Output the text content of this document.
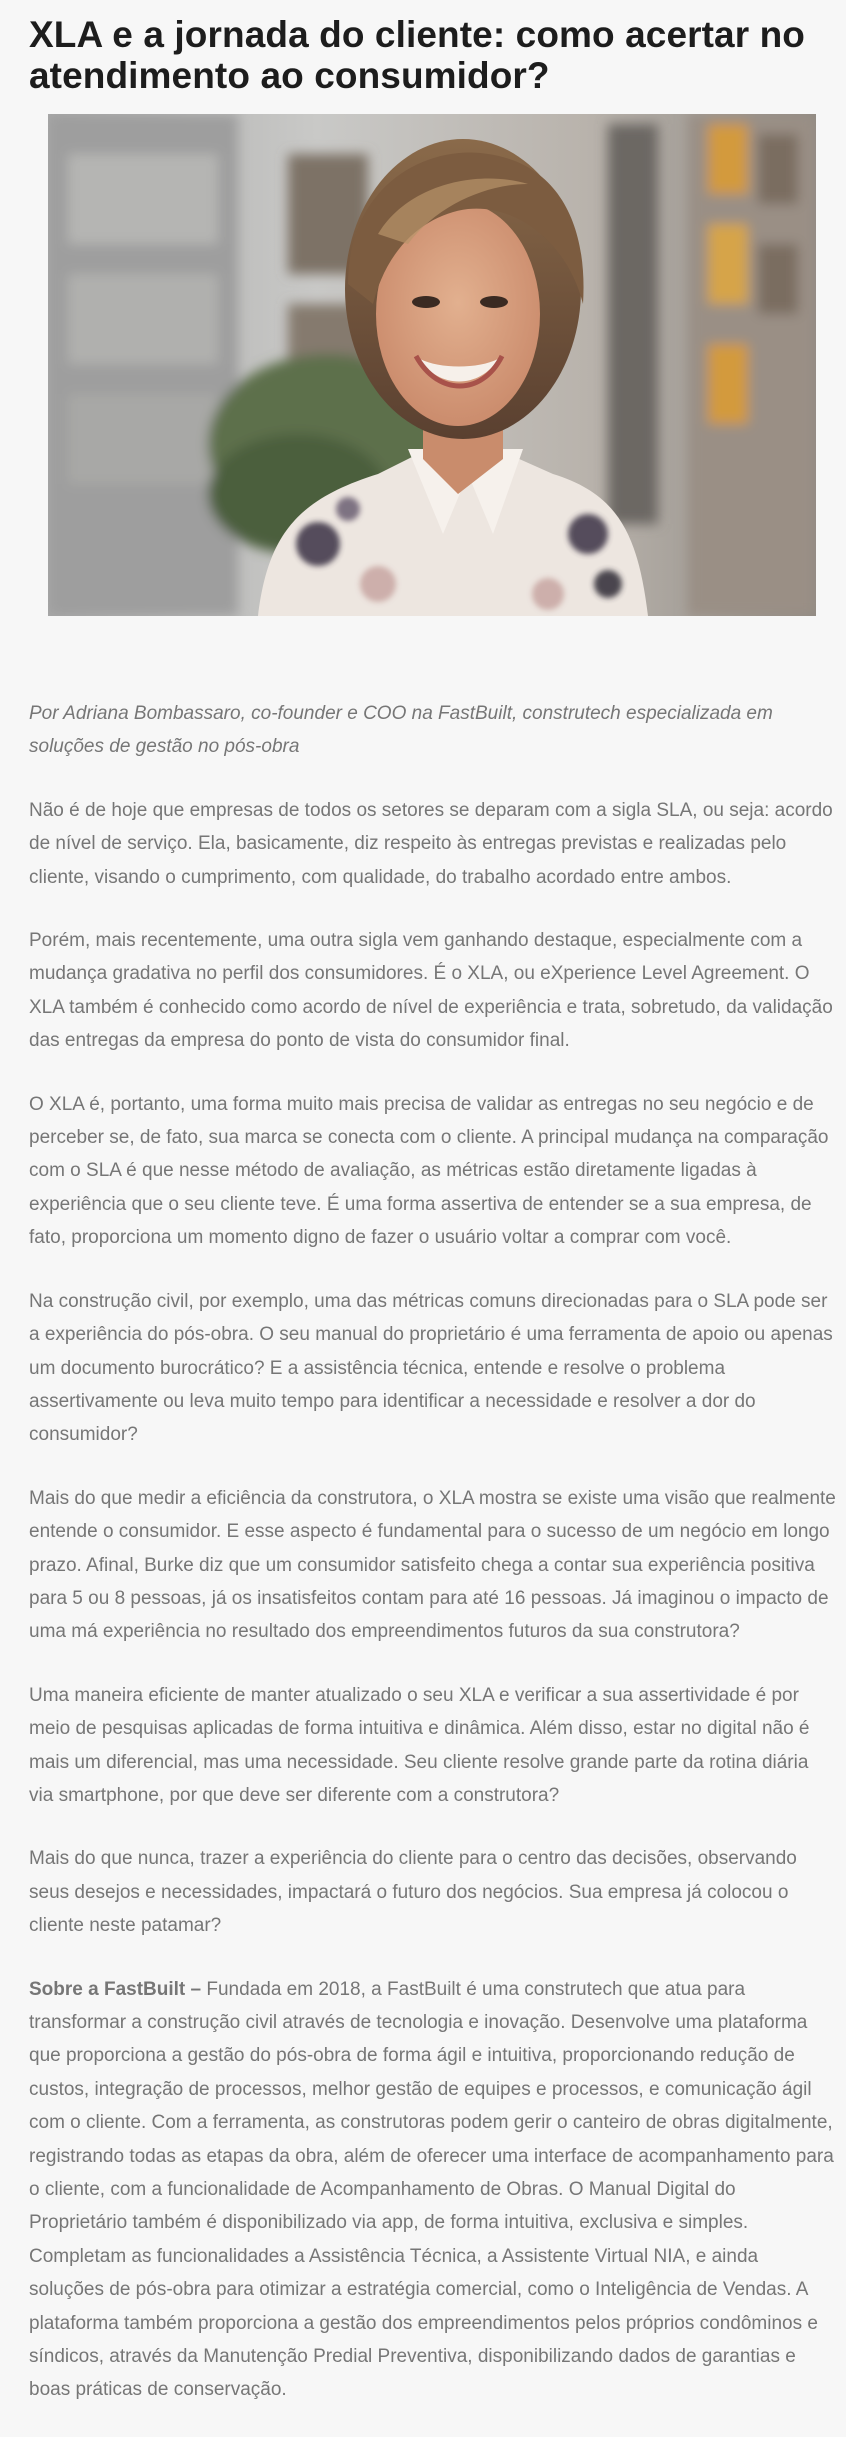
XLA e a jornada do cliente: como acertar no atendimento ao consumidor?

Por Adriana Bombassaro, co-founder e COO na FastBuilt, construtech especializada em soluções de gestão no pós-obra

Não é de hoje que empresas de todos os setores se deparam com a sigla SLA, ou seja: acordo de nível de serviço. Ela, basicamente, diz respeito às entregas previstas e realizadas pelo cliente, visando o cumprimento, com qualidade, do trabalho acordado entre ambos.

Porém, mais recentemente, uma outra sigla vem ganhando destaque, especialmente com a mudança gradativa no perfil dos consumidores. É o XLA, ou eXperience Level Agreement. O XLA também é conhecido como acordo de nível de experiência e trata, sobretudo, da validação das entregas da empresa do ponto de vista do consumidor final.

O XLA é, portanto, uma forma muito mais precisa de validar as entregas no seu negócio e de perceber se, de fato, sua marca se conecta com o cliente. A principal mudança na comparação com o SLA é que nesse método de avaliação, as métricas estão diretamente ligadas à experiência que o seu cliente teve. É uma forma assertiva de entender se a sua empresa, de fato, proporciona um momento digno de fazer o usuário voltar a comprar com você.

Na construção civil, por exemplo, uma das métricas comuns direcionadas para o SLA pode ser a experiência do pós-obra. O seu manual do proprietário é uma ferramenta de apoio ou apenas um documento burocrático? E a assistência técnica, entende e resolve o problema assertivamente ou leva muito tempo para identificar a necessidade e resolver a dor do consumidor?

Mais do que medir a eficiência da construtora, o XLA mostra se existe uma visão que realmente entende o consumidor. E esse aspecto é fundamental para o sucesso de um negócio em longo prazo. Afinal, Burke diz que um consumidor satisfeito chega a contar sua experiência positiva para 5 ou 8 pessoas, já os insatisfeitos contam para até 16 pessoas. Já imaginou o impacto de uma má experiência no resultado dos empreendimentos futuros da sua construtora?

Uma maneira eficiente de manter atualizado o seu XLA e verificar a sua assertividade é por meio de pesquisas aplicadas de forma intuitiva e dinâmica. Além disso, estar no digital não é mais um diferencial, mas uma necessidade. Seu cliente resolve grande parte da rotina diária via smartphone, por que deve ser diferente com a construtora?

Mais do que nunca, trazer a experiência do cliente para o centro das decisões, observando seus desejos e necessidades, impactará o futuro dos negócios. Sua empresa já colocou o cliente neste patamar?

Sobre a FastBuilt – Fundada em 2018, a FastBuilt é uma construtech que atua para transformar a construção civil através de tecnologia e inovação. Desenvolve uma plataforma que proporciona a gestão do pós-obra de forma ágil e intuitiva, proporcionando redução de custos, integração de processos, melhor gestão de equipes e processos, e comunicação ágil com o cliente. Com a ferramenta, as construtoras podem gerir o canteiro de obras digitalmente, registrando todas as etapas da obra, além de oferecer uma interface de acompanhamento para o cliente, com a funcionalidade de Acompanhamento de Obras. O Manual Digital do Proprietário também é disponibilizado via app, de forma intuitiva, exclusiva e simples. Completam as funcionalidades a Assistência Técnica, a Assistente Virtual NIA, e ainda soluções de pós-obra para otimizar a estratégia comercial, como o Inteligência de Vendas. A plataforma também proporciona a gestão dos empreendimentos pelos próprios condôminos e síndicos, através da Manutenção Predial Preventiva, disponibilizando dados de garantias e boas práticas de conservação.
